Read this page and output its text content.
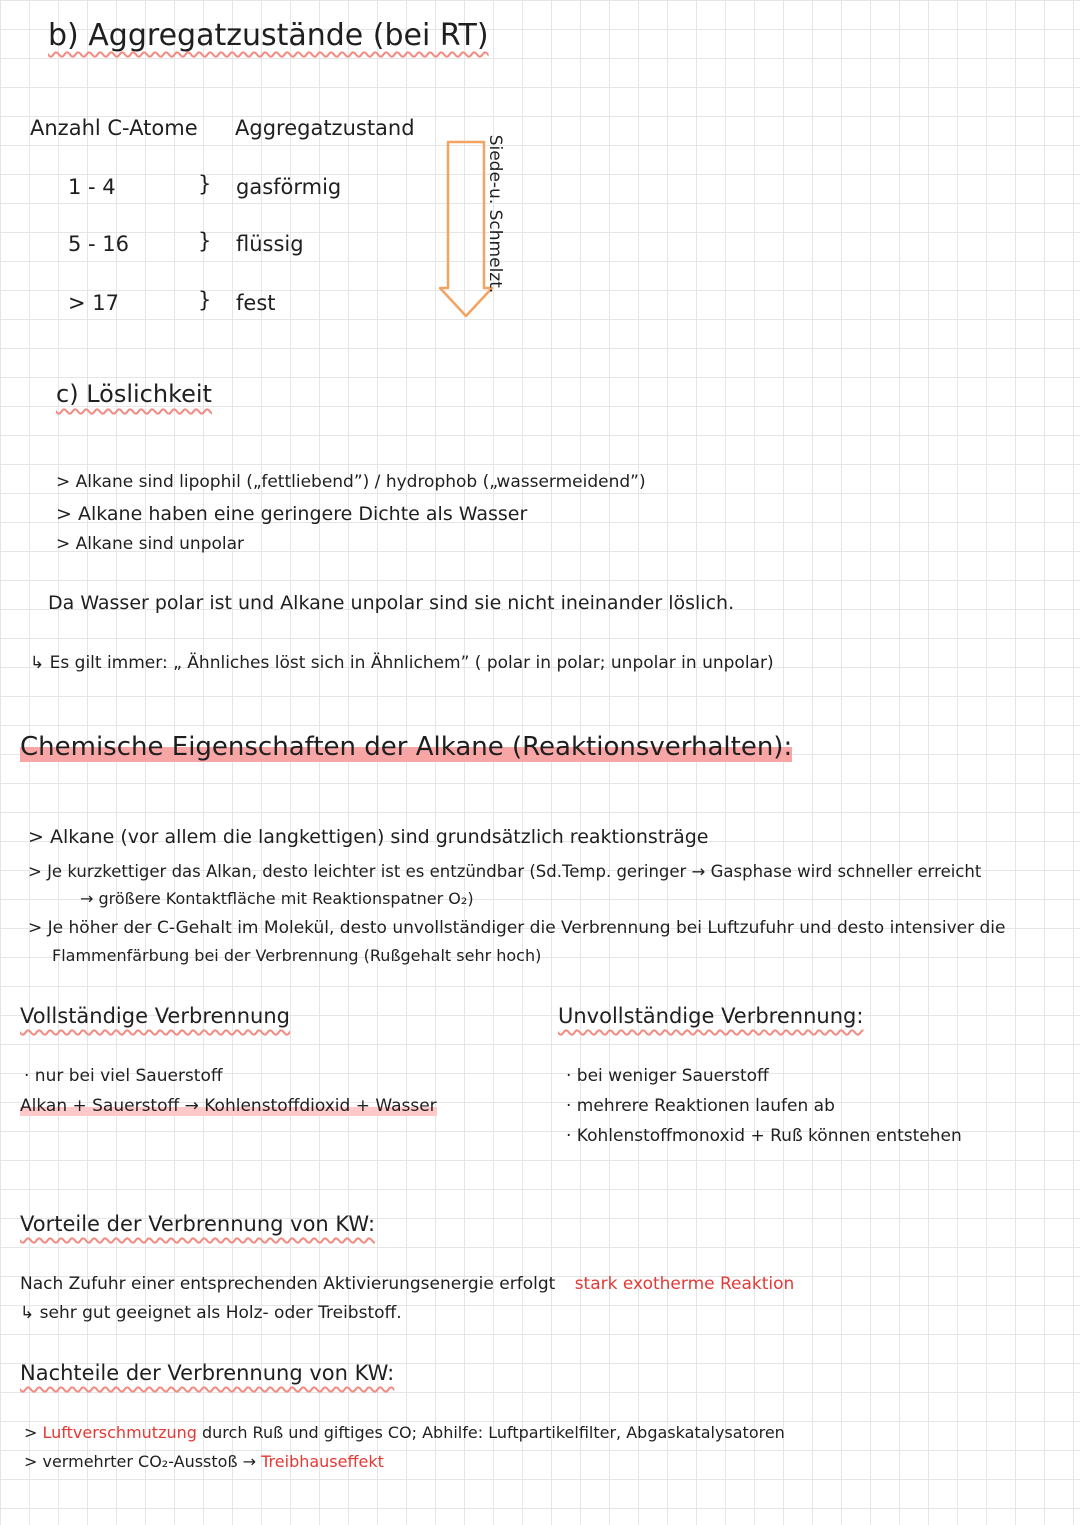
b) Aggregatzustände (bei RT)
Anzahl C-Atome Aggregatzustand
1 - 4	} gasförmig
5 - 16	} flüssig
> 17	} fest
Siede-u. Schmelzt.
c) Löslichkeit
> Alkane sind lipophil („fettliebend”) / hydrophob („wassermeidend”)
> Alkane haben eine geringere Dichte als Wasser
> Alkane sind unpolar
Da Wasser polar ist und Alkane unpolar sind sie nicht ineinander löslich.
↳ Es gilt immer: „ Ähnliches löst sich in Ähnlichem” ( polar in polar; unpolar in unpolar)
Chemische Eigenschaften der Alkane (Reaktionsverhalten):
> Alkane (vor allem die langkettigen) sind grundsätzlich reaktionsträge
> Je kurzkettiger das Alkan, desto leichter ist es entzündbar (Sd.Temp. geringer → Gasphase wird schneller erreicht
→ größere Kontaktfläche mit Reaktionspatner O₂)
> Je höher der C-Gehalt im Molekül, desto unvollständiger die Verbrennung bei Luftzufuhr und desto intensiver die
Flammenfärbung bei der Verbrennung (Rußgehalt sehr hoch)
Vollständige Verbrennung
· nur bei viel Sauerstoff
Alkan + Sauerstoff → Kohlenstoffdioxid + Wasser
Unvollständige Verbrennung:
· bei weniger Sauerstoff
· mehrere Reaktionen laufen ab
· Kohlenstoffmonoxid + Ruß können entstehen
Vorteile der Verbrennung von KW:
Nach Zufuhr einer entsprechenden Aktivierungsenergie erfolgt stark exotherme Reaktion
↳ sehr gut geeignet als Holz- oder Treibstoff.
Nachteile der Verbrennung von KW:
> Luftverschmutzung durch Ruß und giftiges CO; Abhilfe: Luftpartikelfilter, Abgaskatalysatoren
> vermehrter CO₂-Ausstoß → Treibhauseffekt
